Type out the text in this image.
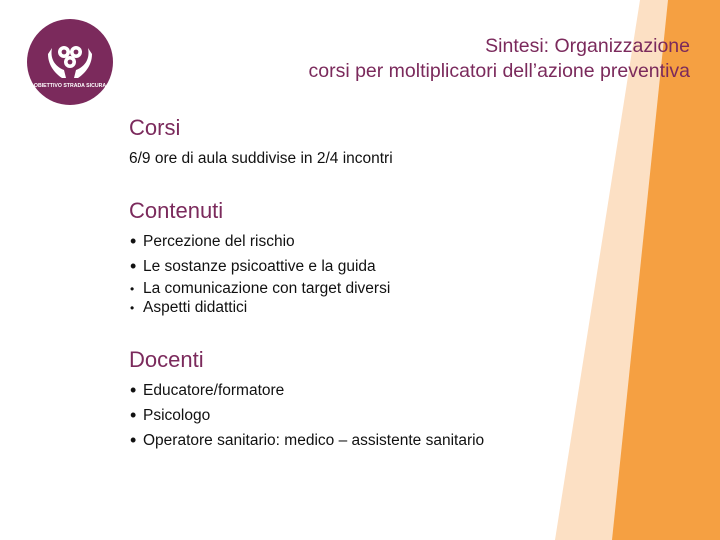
OBIETTIVO STRADA SICURA
Sintesi: Organizzazione
corsi per moltiplicatori dell’azione preventiva
Corsi
6/9 ore di aula suddivise in 2/4 incontri
Contenuti
• Percezione del rischio
• Le sostanze psicoattive e la guida
• La comunicazione con target diversi
• Aspetti didattici
Docenti
• Educatore/formatore
• Psicologo
• Operatore sanitario: medico – assistente sanitario
